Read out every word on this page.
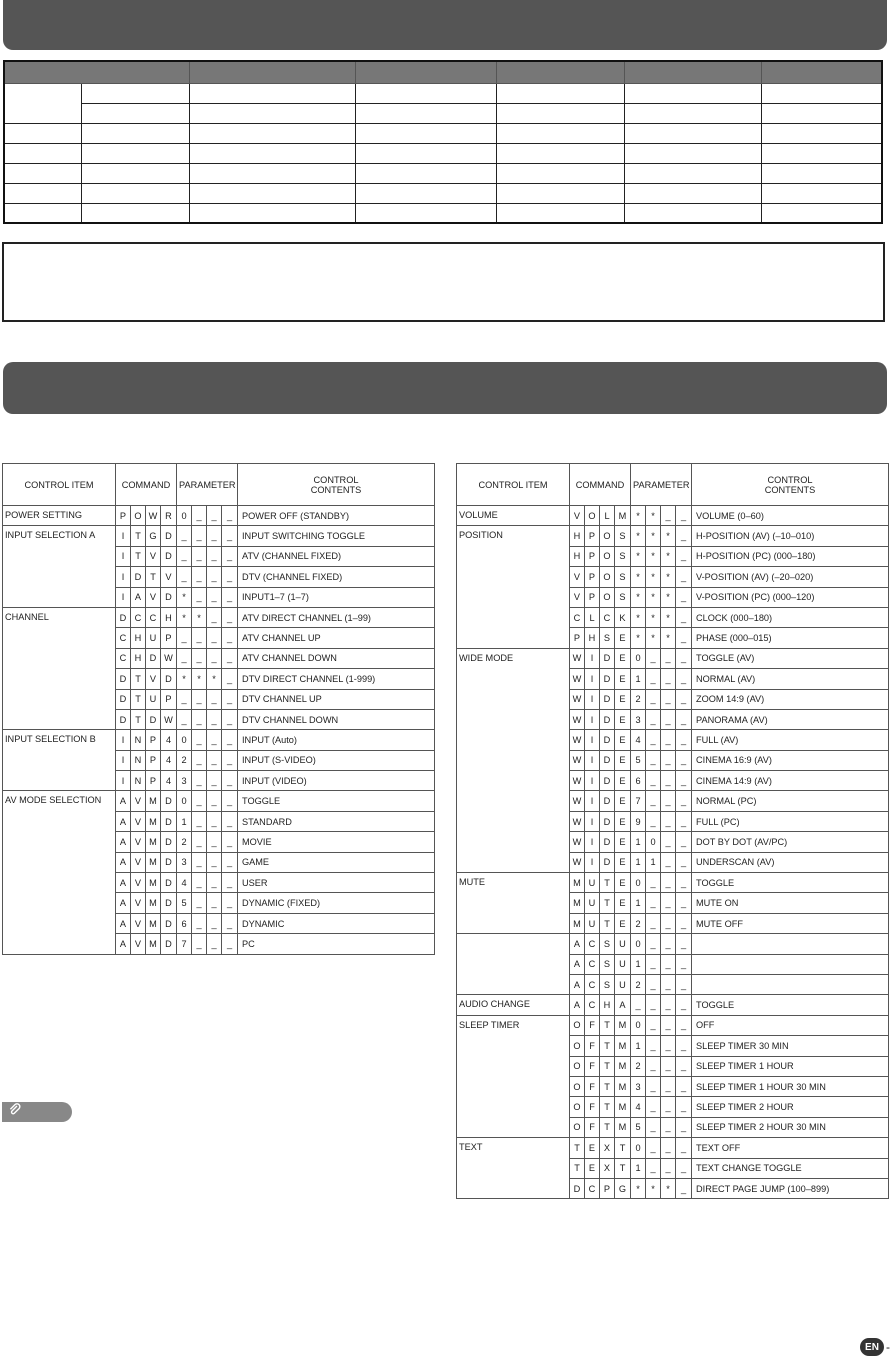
CONTROL ITEM	COMMAND				PARAMETER				CONTROL
CONTENTS
POWER SETTING	P	O	W	R	0	_	_	_	POWER OFF (STANDBY)
INPUT SELECTION A	I	T	G	D	_	_	_	_	INPUT SWITCHING TOGGLE
	I	T	V	D	_	_	_	_	ATV (CHANNEL FIXED)
	I	D	T	V	_	_	_	_	DTV (CHANNEL FIXED)
	I	A	V	D	*	_	_	_	INPUT1–7 (1–7)
CHANNEL	D	C	C	H	*	*	_	_	ATV DIRECT CHANNEL (1–99)
	C	H	U	P	_	_	_	_	ATV CHANNEL UP
	C	H	D	W	_	_	_	_	ATV CHANNEL DOWN
	D	T	V	D	*	*	*	_	DTV DIRECT CHANNEL (1-999)
	D	T	U	P	_	_	_	_	DTV CHANNEL UP
	D	T	D	W	_	_	_	_	DTV CHANNEL DOWN
INPUT SELECTION B	I	N	P	4	0	_	_	_	INPUT (Auto)
	I	N	P	4	2	_	_	_	INPUT (S-VIDEO)
	I	N	P	4	3	_	_	_	INPUT (VIDEO)
AV MODE SELECTION	A	V	M	D	0	_	_	_	TOGGLE
	A	V	M	D	1	_	_	_	STANDARD
	A	V	M	D	2	_	_	_	MOVIE
	A	V	M	D	3	_	_	_	GAME
	A	V	M	D	4	_	_	_	USER
	A	V	M	D	5	_	_	_	DYNAMIC (FIXED)
	A	V	M	D	6	_	_	_	DYNAMIC
	A	V	M	D	7	_	_	_	PC
CONTROL ITEM	COMMAND				PARAMETER				CONTROL
CONTENTS
VOLUME	V	O	L	M	*	*	_	_	VOLUME (0–60)
POSITION	H	P	O	S	*	*	*	_	H-POSITION (AV) (–10–010)
	H	P	O	S	*	*	*	_	H-POSITION (PC) (000–180)
	V	P	O	S	*	*	*	_	V-POSITION (AV) (–20–020)
	V	P	O	S	*	*	*	_	V-POSITION (PC) (000–120)
	C	L	C	K	*	*	*	_	CLOCK (000–180)
	P	H	S	E	*	*	*	_	PHASE (000–015)
WIDE MODE	W	I	D	E	0	_	_	_	TOGGLE (AV)
	W	I	D	E	1	_	_	_	NORMAL (AV)
	W	I	D	E	2	_	_	_	ZOOM 14:9 (AV)
	W	I	D	E	3	_	_	_	PANORAMA (AV)
	W	I	D	E	4	_	_	_	FULL (AV)
	W	I	D	E	5	_	_	_	CINEMA 16:9 (AV)
	W	I	D	E	6	_	_	_	CINEMA 14:9 (AV)
	W	I	D	E	7	_	_	_	NORMAL (PC)
	W	I	D	E	9	_	_	_	FULL (PC)
	W	I	D	E	1	0	_	_	DOT BY DOT (AV/PC)
	W	I	D	E	1	1	_	_	UNDERSCAN (AV)
MUTE	M	U	T	E	0	_	_	_	TOGGLE
	M	U	T	E	1	_	_	_	MUTE ON
	M	U	T	E	2	_	_	_	MUTE OFF
	A	C	S	U	0	_	_	_	
	A	C	S	U	1	_	_	_	
	A	C	S	U	2	_	_	_	
AUDIO CHANGE	A	C	H	A	_	_	_	_	TOGGLE
SLEEP TIMER	O	F	T	M	0	_	_	_	OFF
	O	F	T	M	1	_	_	_	SLEEP TIMER 30 MIN
	O	F	T	M	2	_	_	_	SLEEP TIMER 1 HOUR
	O	F	T	M	3	_	_	_	SLEEP TIMER 1 HOUR 30 MIN
	O	F	T	M	4	_	_	_	SLEEP TIMER 2 HOUR
	O	F	T	M	5	_	_	_	SLEEP TIMER 2 HOUR 30 MIN
TEXT	T	E	X	T	0	_	_	_	TEXT OFF
	T	E	X	T	1	_	_	_	TEXT CHANGE TOGGLE
	D	C	P	G	*	*	*	_	DIRECT PAGE JUMP (100–899)
EN -
